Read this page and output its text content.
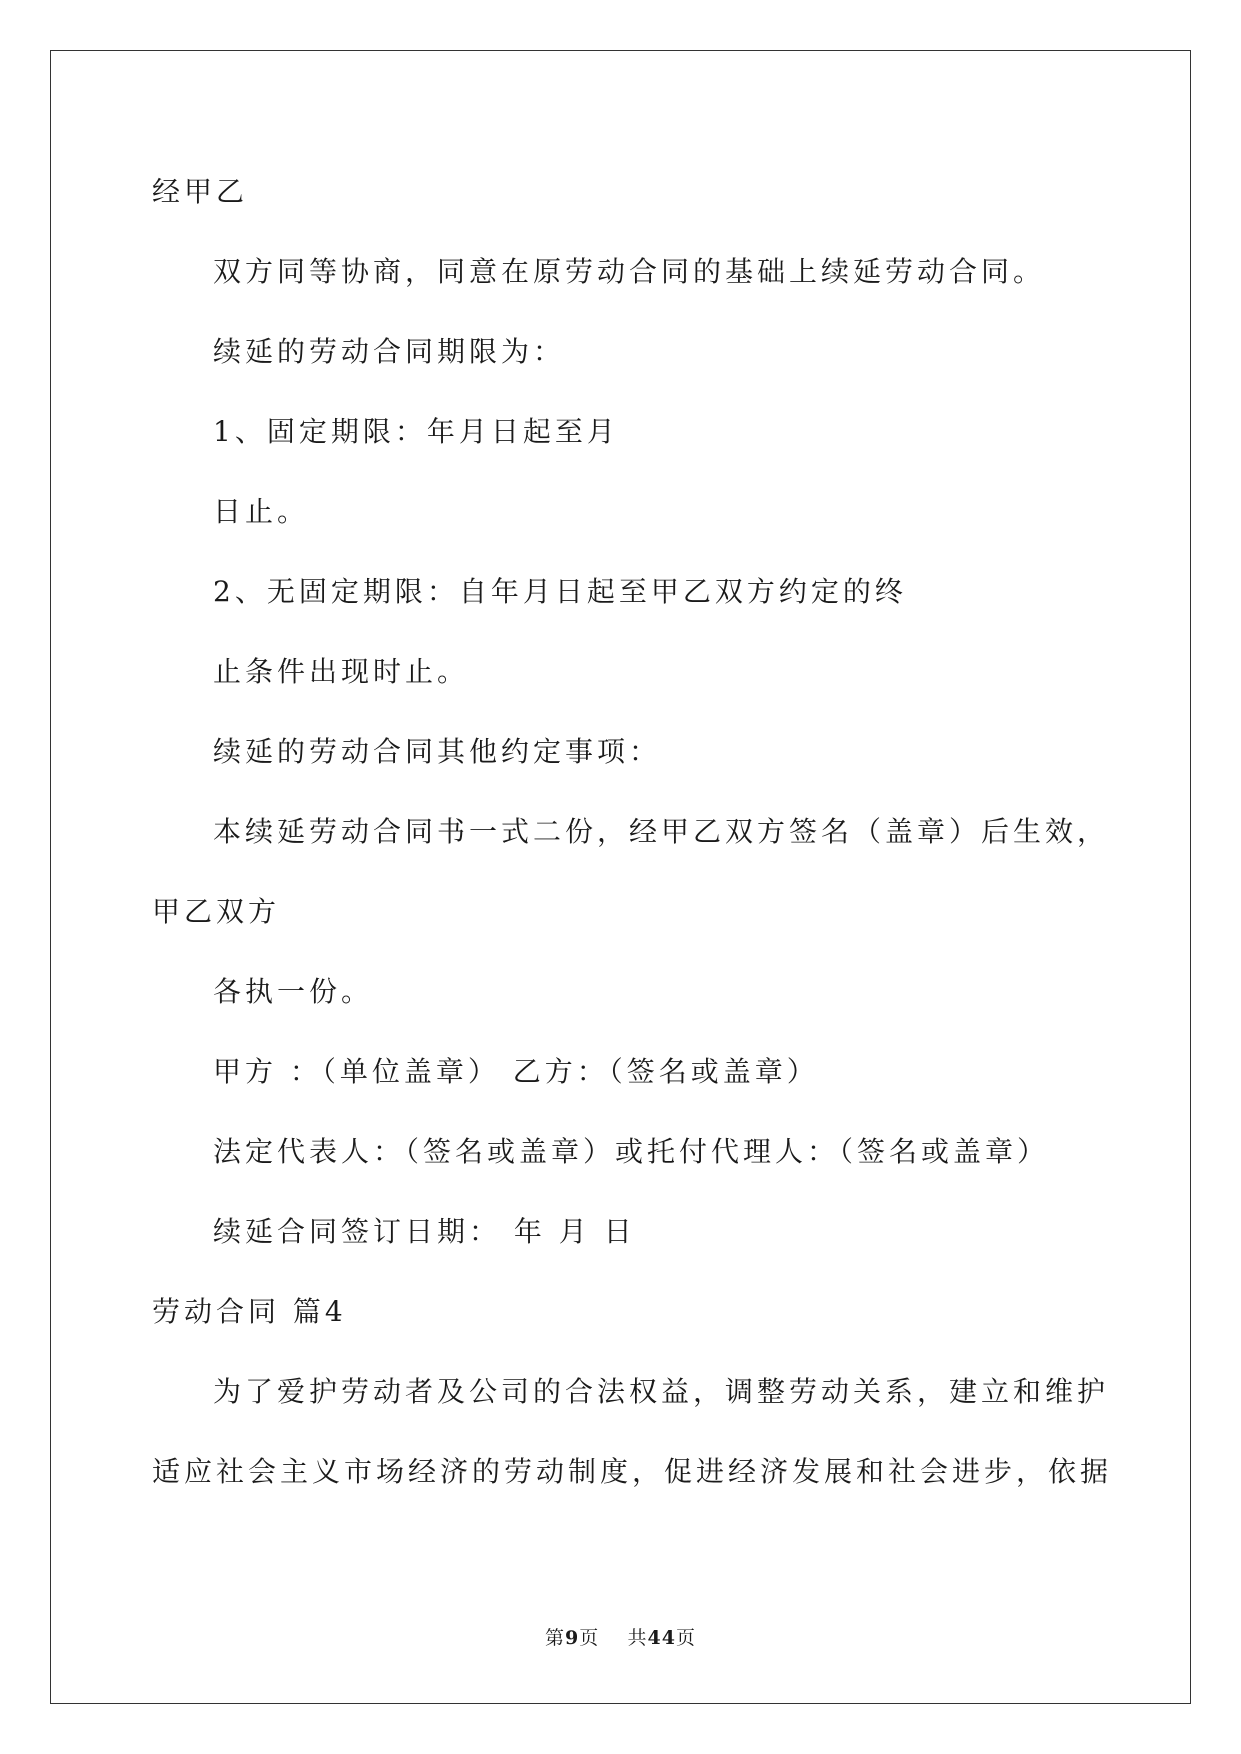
经甲乙
双方同等协商，同意在原劳动合同的基础上续延劳动合同。
续延的劳动合同期限为：
1、固定期限：年月日起至月
日止。
2、无固定期限：自年月日起至甲乙双方约定的终
止条件出现时止。
续延的劳动合同其他约定事项：
本续延劳动合同书一式二份，经甲乙双方签名（盖章）后生效，
甲乙双方
各执一份。
甲方 ：（单位盖章） 乙方：（签名或盖章）
法定代表人：（签名或盖章）或托付代理人：（签名或盖章）
续延合同签订日期： 年 月 日
劳动合同 篇4
为了爱护劳动者及公司的合法权益，调整劳动关系，建立和维护
适应社会主义市场经济的劳动制度，促进经济发展和社会进步，依据
第9页 共44页
